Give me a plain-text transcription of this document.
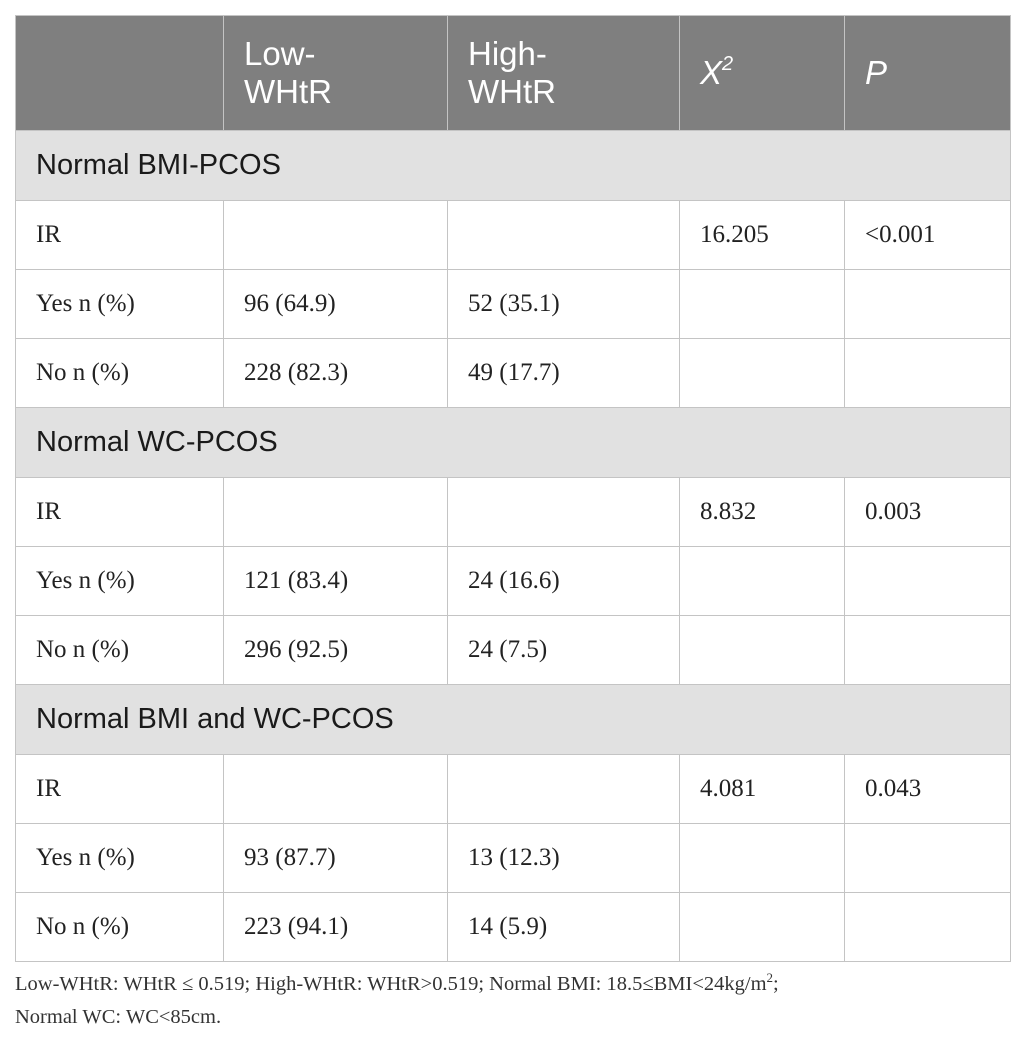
	Low-
WHtR	High-
WHtR	$X^2$	P
Normal BMI-PCOS				
IR			16.205	<0.001
Yes n (%)	96 (64.9)	52 (35.1)		
No n (%)	228 (82.3)	49 (17.7)		
Normal WC-PCOS				
IR			8.832	0.003
Yes n (%)	121 (83.4)	24 (16.6)		
No n (%)	296 (92.5)	24 (7.5)		
Normal BMI and WC-PCOS				
IR			4.081	0.043
Yes n (%)	93 (87.7)	13 (12.3)		
No n (%)	223 (94.1)	14 (5.9)		
Low-WHtR: WHtR ≤ 0.519; High-WHtR: WHtR>0.519; Normal BMI: $18.5\le BMI<24kg/m^2$;
Normal WC: WC<85cm.
